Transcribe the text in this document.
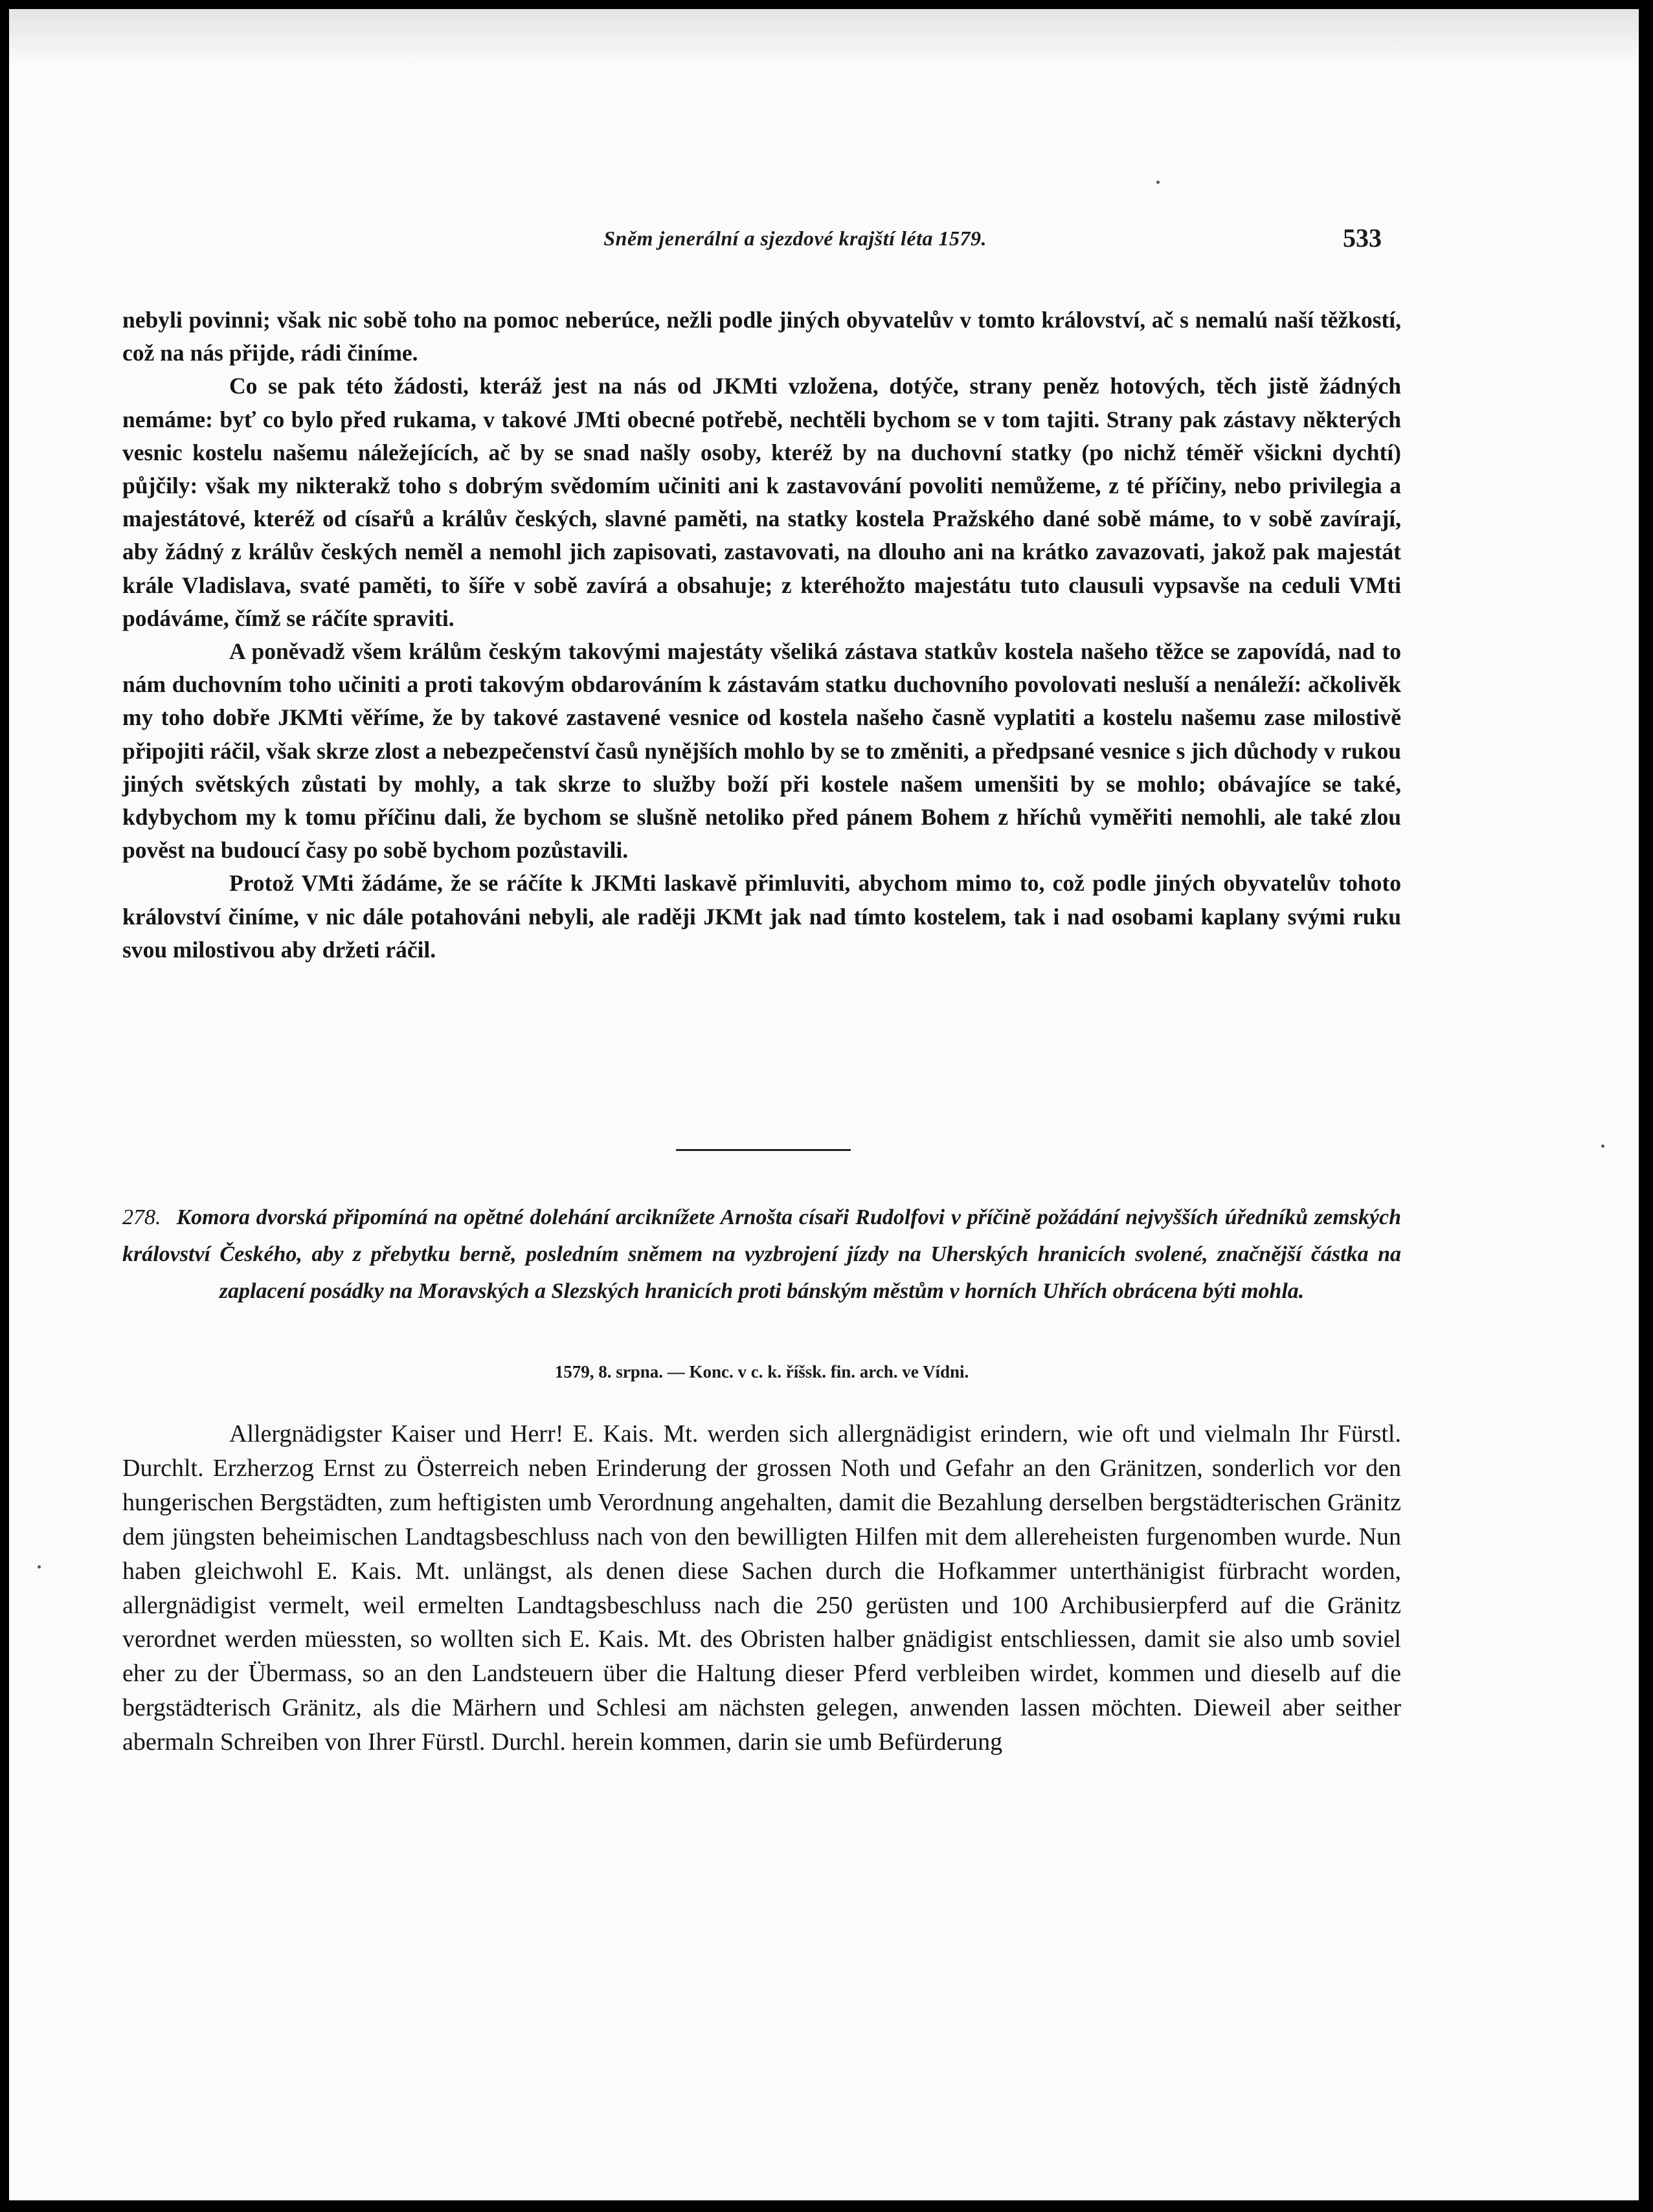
Sněm jenerální a sjezdové krajští léta 1579.	533

nebyli povinni; však nic sobě toho na pomoc neberúce, nežli podle jiných obyvatelův v tomto království, ač s nemalú naší těžkostí, což na nás přijde, rádi činíme.

Co se pak této žádosti, kteráž jest na nás od JKMti vzložena, dotýče, strany peněz hotových, těch jistě žádných nemáme: byť co bylo před rukama, v takové JMti obecné potřebě, nechtěli bychom se v tom tajiti. Strany pak zástavy některých vesnic kostelu našemu náležejících, ač by se snad našly osoby, kteréž by na duchovní statky (po nichž téměř všickni dychtí) půjčily: však my nikterakž toho s dobrým svědomím učiniti ani k zastavování povoliti nemůžeme, z té příčiny, nebo privilegia a majestátové, kteréž od císařů a králův českých, slavné paměti, na statky kostela Pražského dané sobě máme, to v sobě zavírají, aby žádný z králův českých neměl a nemohl jich zapisovati, zastavovati, na dlouho ani na krátko zavazovati, jakož pak majestát krále Vladislava, svaté paměti, to šíře v sobě zavírá a obsahuje; z kteréhožto majestátu tuto clausuli vypsavše na ceduli VMti podáváme, čímž se ráčíte spraviti.

A poněvadž všem králům českým takovými majestáty všeliká zástava statkův kostela našeho těžce se zapovídá, nad to nám duchovním toho učiniti a proti takovým obdarováním k zástavám statku duchovního povolovati nesluší a nenáleží: ačkolivěk my toho dobře JKMti věříme, že by takové zastavené vesnice od kostela našeho časně vyplatiti a kostelu našemu zase milostivě připojiti ráčil, však skrze zlost a nebezpečenství časů nynějších mohlo by se to změniti, a předpsané vesnice s jich důchody v rukou jiných světských zůstati by mohly, a tak skrze to služby boží při kostele našem umenšiti by se mohlo; obávajíce se také, kdybychom my k tomu příčinu dali, že bychom se slušně netoliko před pánem Bohem z hříchů vyměřiti nemohli, ale také zlou pověst na budoucí časy po sobě bychom pozůstavili.

Protož VMti žádáme, že se ráčíte k JKMti laskavě přimluviti, abychom mimo to, což podle jiných obyvatelův tohoto království činíme, v nic dále potahováni nebyli, ale raději JKMt jak nad tímto kostelem, tak i nad osobami kaplany svými ruku svou milostivou aby držeti ráčil.

278. Komora dvorská připomíná na opětné dolehání arciknížete Arnošta císaři Rudolfovi v příčině požádání nejvyšších úředníků zemských království Českého, aby z přebytku berně, posledním sněmem na vyzbrojení jízdy na Uherských hranicích svolené, značnější částka na zaplacení posádky na Moravských a Slezských hranicích proti bánským městům v horních Uhřích obrácena býti mohla.
1579, 8. srpna. — Konc. v c. k. říšsk. fin. arch. ve Vídni.

Allergnädigster Kaiser und Herr! E. Kais. Mt. werden sich allergnädigist erindern, wie oft und vielmaln Ihr Fürstl. Durchlt. Erzherzog Ernst zu Österreich neben Erinderung der grossen Noth und Gefahr an den Gränitzen, sonderlich vor den hungerischen Bergstädten, zum heftigisten umb Verordnung angehalten, damit die Bezahlung derselben bergstädterischen Gränitz dem jüngsten beheimischen Landtagsbeschluss nach von den bewilligten Hilfen mit dem allereheisten furgenomben wurde. Nun haben gleichwohl E. Kais. Mt. unlängst, als denen diese Sachen durch die Hofkammer unterthänigist fürbracht worden, allergnädigist vermelt, weil ermelten Landtagsbeschluss nach die 250 gerüsten und 100 Archibusierpferd auf die Gränitz verordnet werden müessten, so wollten sich E. Kais. Mt. des Obristen halber gnädigist entschliessen, damit sie also umb soviel eher zu der Übermass, so an den Landsteuern über die Haltung dieser Pferd verbleiben wirdet, kommen und dieselb auf die bergstädterisch Gränitz, als die Märhern und Schlesi am nächsten gelegen, anwenden lassen möchten. Dieweil aber seither abermaln Schreiben von Ihrer Fürstl. Durchl. herein kommen, darin sie umb Befürderung
